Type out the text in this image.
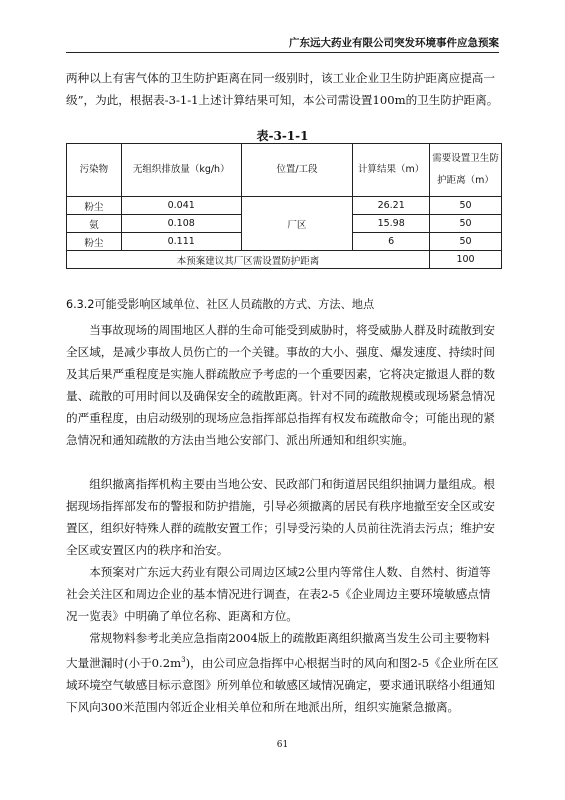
广东远大药业有限公司突发环境事件应急预案

两种以上有害气体的卫生防护距离在同一级别时，该工业企业卫生防护距离应提高一级”，为此，根据表-3-1-1上述计算结果可知，本公司需设置100m的卫生防护距离。

表-3-1-1
污染物	无组织排放量（kg/h）	位置/工段	计算结果（m）	需要设置卫生防护距离（m）
粉尘	0.041	厂区	26.21	50
氨	0.108		15.98	50
粉尘	0.111		6	50
本预案建议其厂区需设置防护距离				100
6.3.2可能受影响区域单位、社区人员疏散的方式、方法、地点

当事故现场的周围地区人群的生命可能受到威胁时，将受威胁人群及时疏散到安全区域，是减少事故人员伤亡的一个关键。事故的大小、强度、爆发速度、持续时间及其后果严重程度是实施人群疏散应予考虑的一个重要因素，它将决定撤退人群的数量、疏散的可用时间以及确保安全的疏散距离。针对不同的疏散规模或现场紧急情况的严重程度，由启动级别的现场应急指挥部总指挥有权发布疏散命令；可能出现的紧急情况和通知疏散的方法由当地公安部门、派出所通知和组织实施。

组织撤离指挥机构主要由当地公安、民政部门和街道居民组织抽调力量组成。根据现场指挥部发布的警报和防护措施，引导必须撤离的居民有秩序地撤至安全区或安置区，组织好特殊人群的疏散安置工作；引导受污染的人员前往洗消去污点；维护安全区或安置区内的秩序和治安。

本预案对广东远大药业有限公司周边区域2公里内等常住人数、自然村、街道等社会关注区和周边企业的基本情况进行调查，在表2-5《企业周边主要环境敏感点情况一览表》中明确了单位名称、距离和方位。

常规物料参考北美应急指南2004版上的疏散距离组织撤离当发生公司主要物料大量泄漏时(小于$0.2m^3$)，由公司应急指挥中心根据当时的风向和图2-5《企业所在区域环境空气敏感目标示意图》所列单位和敏感区域情况确定，要求通讯联络小组通知下风向300米范围内邻近企业相关单位和所在地派出所，组织实施紧急撤离。

61
